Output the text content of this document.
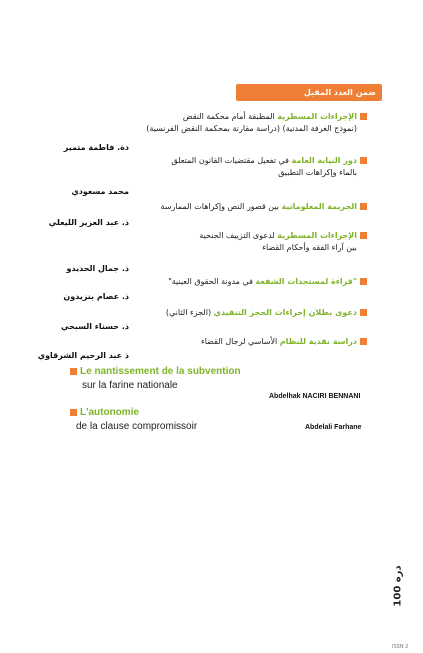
ضمن العدد المقبل
الإجراءات المسطرية المطبقة أمام محكمة النقض
(نموذج الغرفة المدنية) (دراسة مقارنة بمحكمة النقض الفرنسية)
دة. فاطمة متمير
دور النيابة العامة في تفعيل مقتضيات القانون المتعلق
بالماء وإكراهات التطبيق
محمد مسعودي
الجريمة المعلوماتية بين قصور النص وإكراهات الممارسة
ذ. عبد العزيز الليعلي
الإجراءات المسطرية لدعوى التزييف الجنحية
بين آراء الفقه وأحكام القضاء
ذ. جمال الحديدو
"قراءة لمستجدات الشفعة في مدونة الحقوق العينية"
ذ. عصام بنزيدون
دعوى بطلان إجراءات الحجز التنفيذي (الجزء الثاني)
ذ. حسناء السبحي
دراسة نقدية للنظام الأساسي لرجال القضاء
ذ عبد الرحيم الشرقاوي
Le nantissement de la subvention
sur la farine nationale
Abdelhak NACIRI BENNANI
L'autonomie
de la clause compromissoir	Abdelali Farhane
100 دره
ISSN 2
